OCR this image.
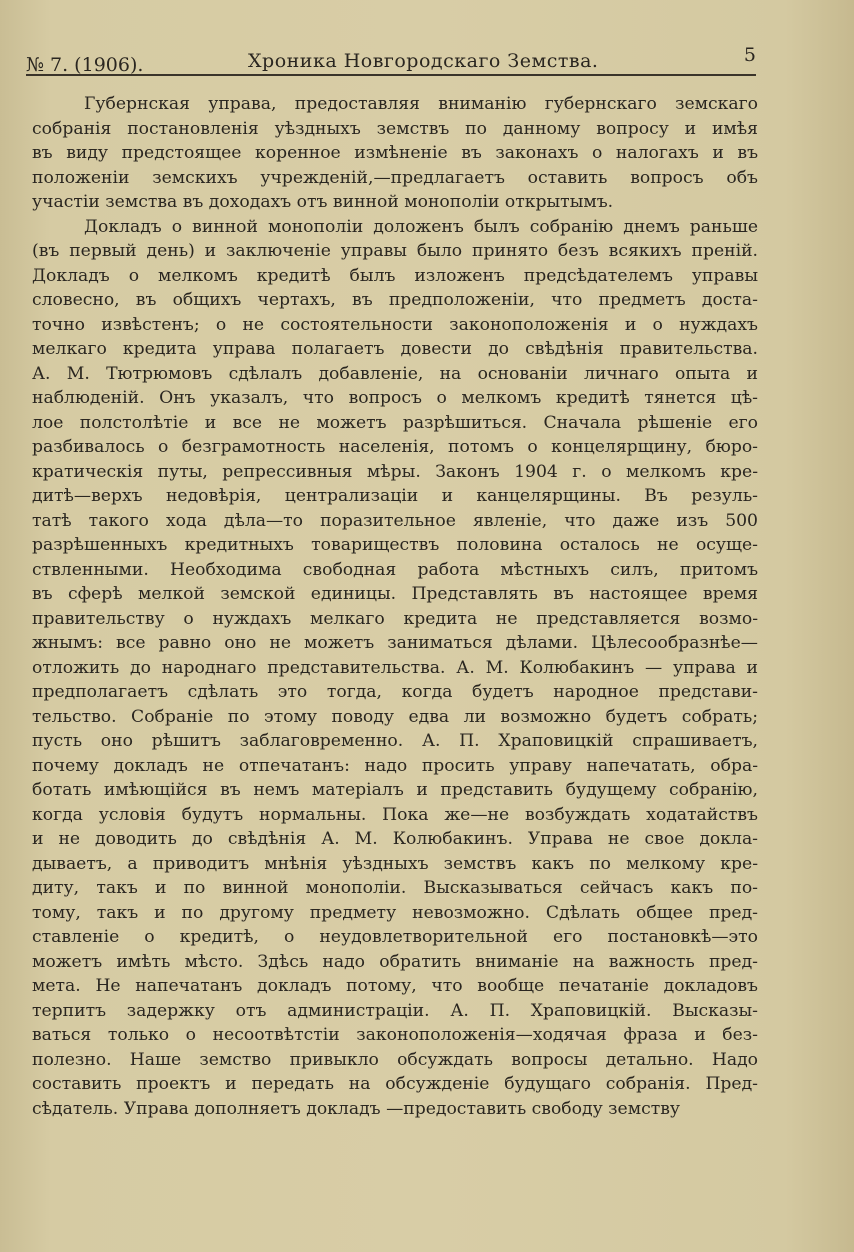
№ 7. (1906).	Хроника Новгородскаго Земства.	5
Губернская управа, предоставляя вниманію губернскаго земскаго
собранія постановленія уѣздныхъ земствъ по данному вопросу и имѣя
въ виду предстоящее коренное измѣненіе въ законахъ о налогахъ и въ
положеніи земскихъ учрежденій,—предлагаетъ оставить вопросъ объ
участіи земства въ доходахъ отъ винной монополіи открытымъ.
Докладъ о винной монополіи доложенъ былъ собранію днемъ раньше
(въ первый день) и заключеніе управы было принято безъ всякихъ преній.
Докладъ о мелкомъ кредитѣ былъ изложенъ предсѣдателемъ управы
словесно, въ общихъ чертахъ, въ предположеніи, что предметъ доста-
точно извѣстенъ; о не состоятельности законоположенія и о нуждахъ
мелкаго кредита управа полагаетъ довести до свѣдѣнія правительства.
А. М. Тютрюмовъ сдѣлалъ добавленіе, на основаніи личнаго опыта и
наблюденій. Онъ указалъ, что вопросъ о мелкомъ кредитѣ тянется цѣ-
лое полстолѣтіе и все не можетъ разрѣшиться. Сначала рѣшеніе его
разбивалось о безграмотность населенія, потомъ о концелярщину, бюро-
кратическія путы, репрессивныя мѣры. Законъ 1904 г. о мелкомъ кре-
дитѣ—верхъ недовѣрія, централизаціи и канцелярщины. Въ резуль-
татѣ такого хода дѣла—то поразительное явленіе, что даже изъ 500
разрѣшенныхъ кредитныхъ товариществъ половина осталось не осуще-
ствленными. Необходима свободная работа мѣстныхъ силъ, притомъ
въ сферѣ мелкой земской единицы. Представлять въ настоящее время
правительству о нуждахъ мелкаго кредита не представляется возмо-
жнымъ: все равно оно не можетъ заниматься дѣлами. Цѣлесообразнѣе—
отложить до народнаго представительства. А. М. Колюбакинъ — управа и
предполагаетъ сдѣлать это тогда, когда будетъ народное представи-
тельство. Собраніе по этому поводу едва ли возможно будетъ собрать;
пусть оно рѣшитъ заблаговременно. А. П. Храповицкій спрашиваетъ,
почему докладъ не отпечатанъ: надо просить управу напечатать, обра-
ботать имѣющійся въ немъ матеріалъ и представить будущему собранію,
когда условія будутъ нормальны. Пока же—не возбуждать ходатайствъ
и не доводить до свѣдѣнія А. М. Колюбакинъ. Управа не свое докла-
дываетъ, а приводитъ мнѣнія уѣздныхъ земствъ какъ по мелкому кре-
диту, такъ и по винной монополіи. Высказываться сейчасъ какъ по-
тому, такъ и по другому предмету невозможно. Сдѣлать общее пред-
ставленіе о кредитѣ, о неудовлетворительной его постановкѣ—это
можетъ имѣть мѣсто. Здѣсь надо обратить вниманіе на важность пред-
мета. Не напечатанъ докладъ потому, что вообще печатаніе докладовъ
терпитъ задержку отъ администраціи. А. П. Храповицкій. Высказы-
ваться только о несоотвѣтстіи законоположенія—ходячая фраза и без-
полезно. Наше земство привыкло обсуждать вопросы детально. Надо
составить проектъ и передать на обсужденіе будущаго собранія. Пред-
сѣдатель. Управа дополняетъ докладъ —предоставить свободу земству
